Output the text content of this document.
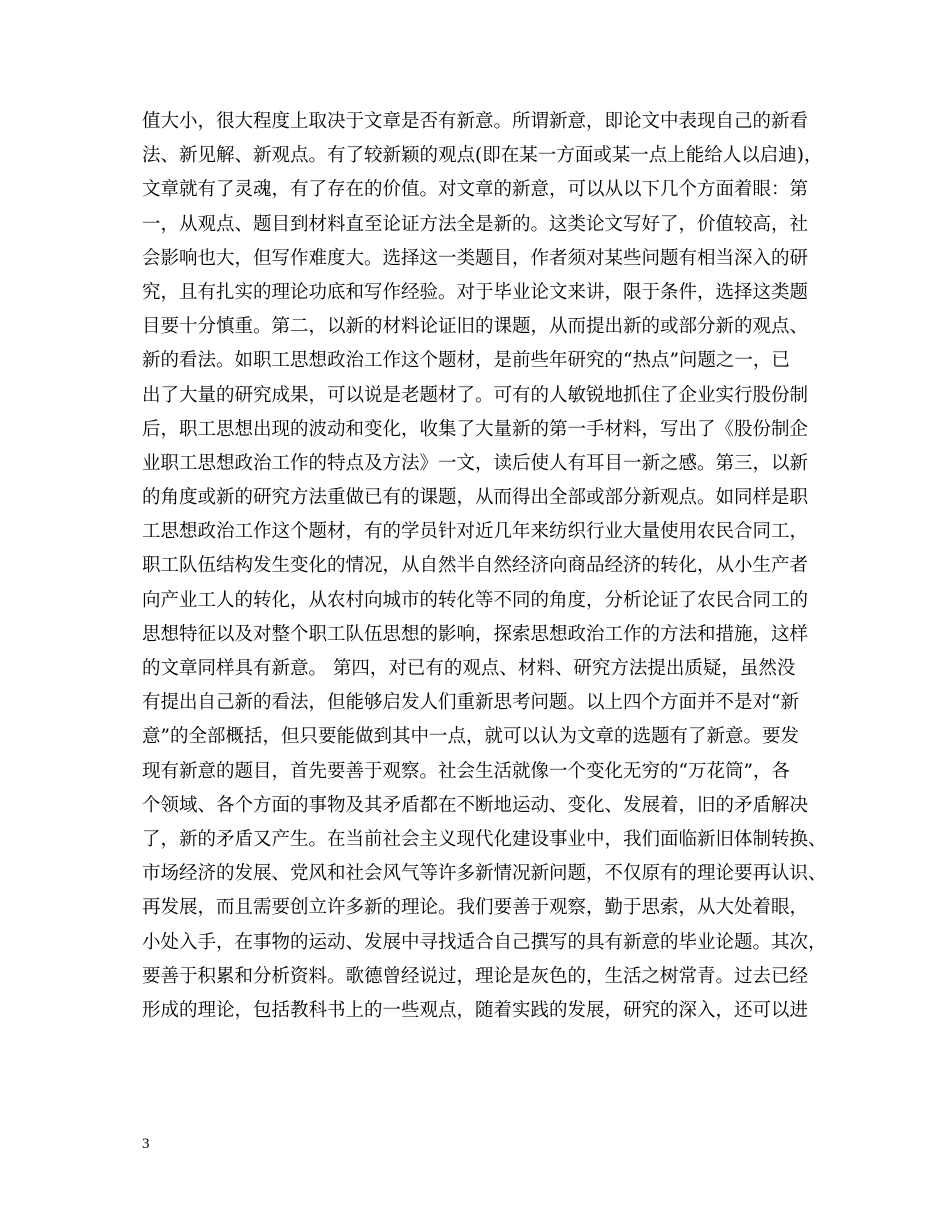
值大小，很大程度上取决于文章是否有新意。所谓新意，即论文中表现自己的新看
法、新见解、新观点。有了较新颖的观点(即在某一方面或某一点上能给人以启迪)，
文章就有了灵魂，有了存在的价值。对文章的新意，可以从以下几个方面着眼：第
一，从观点、题目到材料直至论证方法全是新的。这类论文写好了，价值较高，社
会影响也大，但写作难度大。选择这一类题目，作者须对某些问题有相当深入的研
究，且有扎实的理论功底和写作经验。对于毕业论文来讲，限于条件，选择这类题
目要十分慎重。第二，以新的材料论证旧的课题，从而提出新的或部分新的观点、
新的看法。如职工思想政治工作这个题材，是前些年研究的“热点”问题之一，已
出了大量的研究成果，可以说是老题材了。可有的人敏锐地抓住了企业实行股份制
后，职工思想出现的波动和变化，收集了大量新的第一手材料，写出了《股份制企
业职工思想政治工作的特点及方法》一文，读后使人有耳目一新之感。第三，以新
的角度或新的研究方法重做已有的课题，从而得出全部或部分新观点。如同样是职
工思想政治工作这个题材，有的学员针对近几年来纺织行业大量使用农民合同工，
职工队伍结构发生变化的情况，从自然半自然经济向商品经济的转化，从小生产者
向产业工人的转化，从农村向城市的转化等不同的角度，分析论证了农民合同工的
思想特征以及对整个职工队伍思想的影响，探索思想政治工作的方法和措施，这样
的文章同样具有新意。 第四，对已有的观点、材料、研究方法提出质疑，虽然没
有提出自己新的看法，但能够启发人们重新思考问题。以上四个方面并不是对“新
意”的全部概括，但只要能做到其中一点，就可以认为文章的选题有了新意。要发
现有新意的题目，首先要善于观察。社会生活就像一个变化无穷的“万花筒”，各
个领域、各个方面的事物及其矛盾都在不断地运动、变化、发展着，旧的矛盾解决
了，新的矛盾又产生。在当前社会主义现代化建设事业中，我们面临新旧体制转换、
市场经济的发展、党风和社会风气等许多新情况新问题，不仅原有的理论要再认识、
再发展，而且需要创立许多新的理论。我们要善于观察，勤于思索，从大处着眼，
小处入手，在事物的运动、发展中寻找适合自己撰写的具有新意的毕业论题。其次，
要善于积累和分析资料。歌德曾经说过，理论是灰色的，生活之树常青。过去已经
形成的理论，包括教科书上的一些观点，随着实践的发展，研究的深入，还可以进
3
